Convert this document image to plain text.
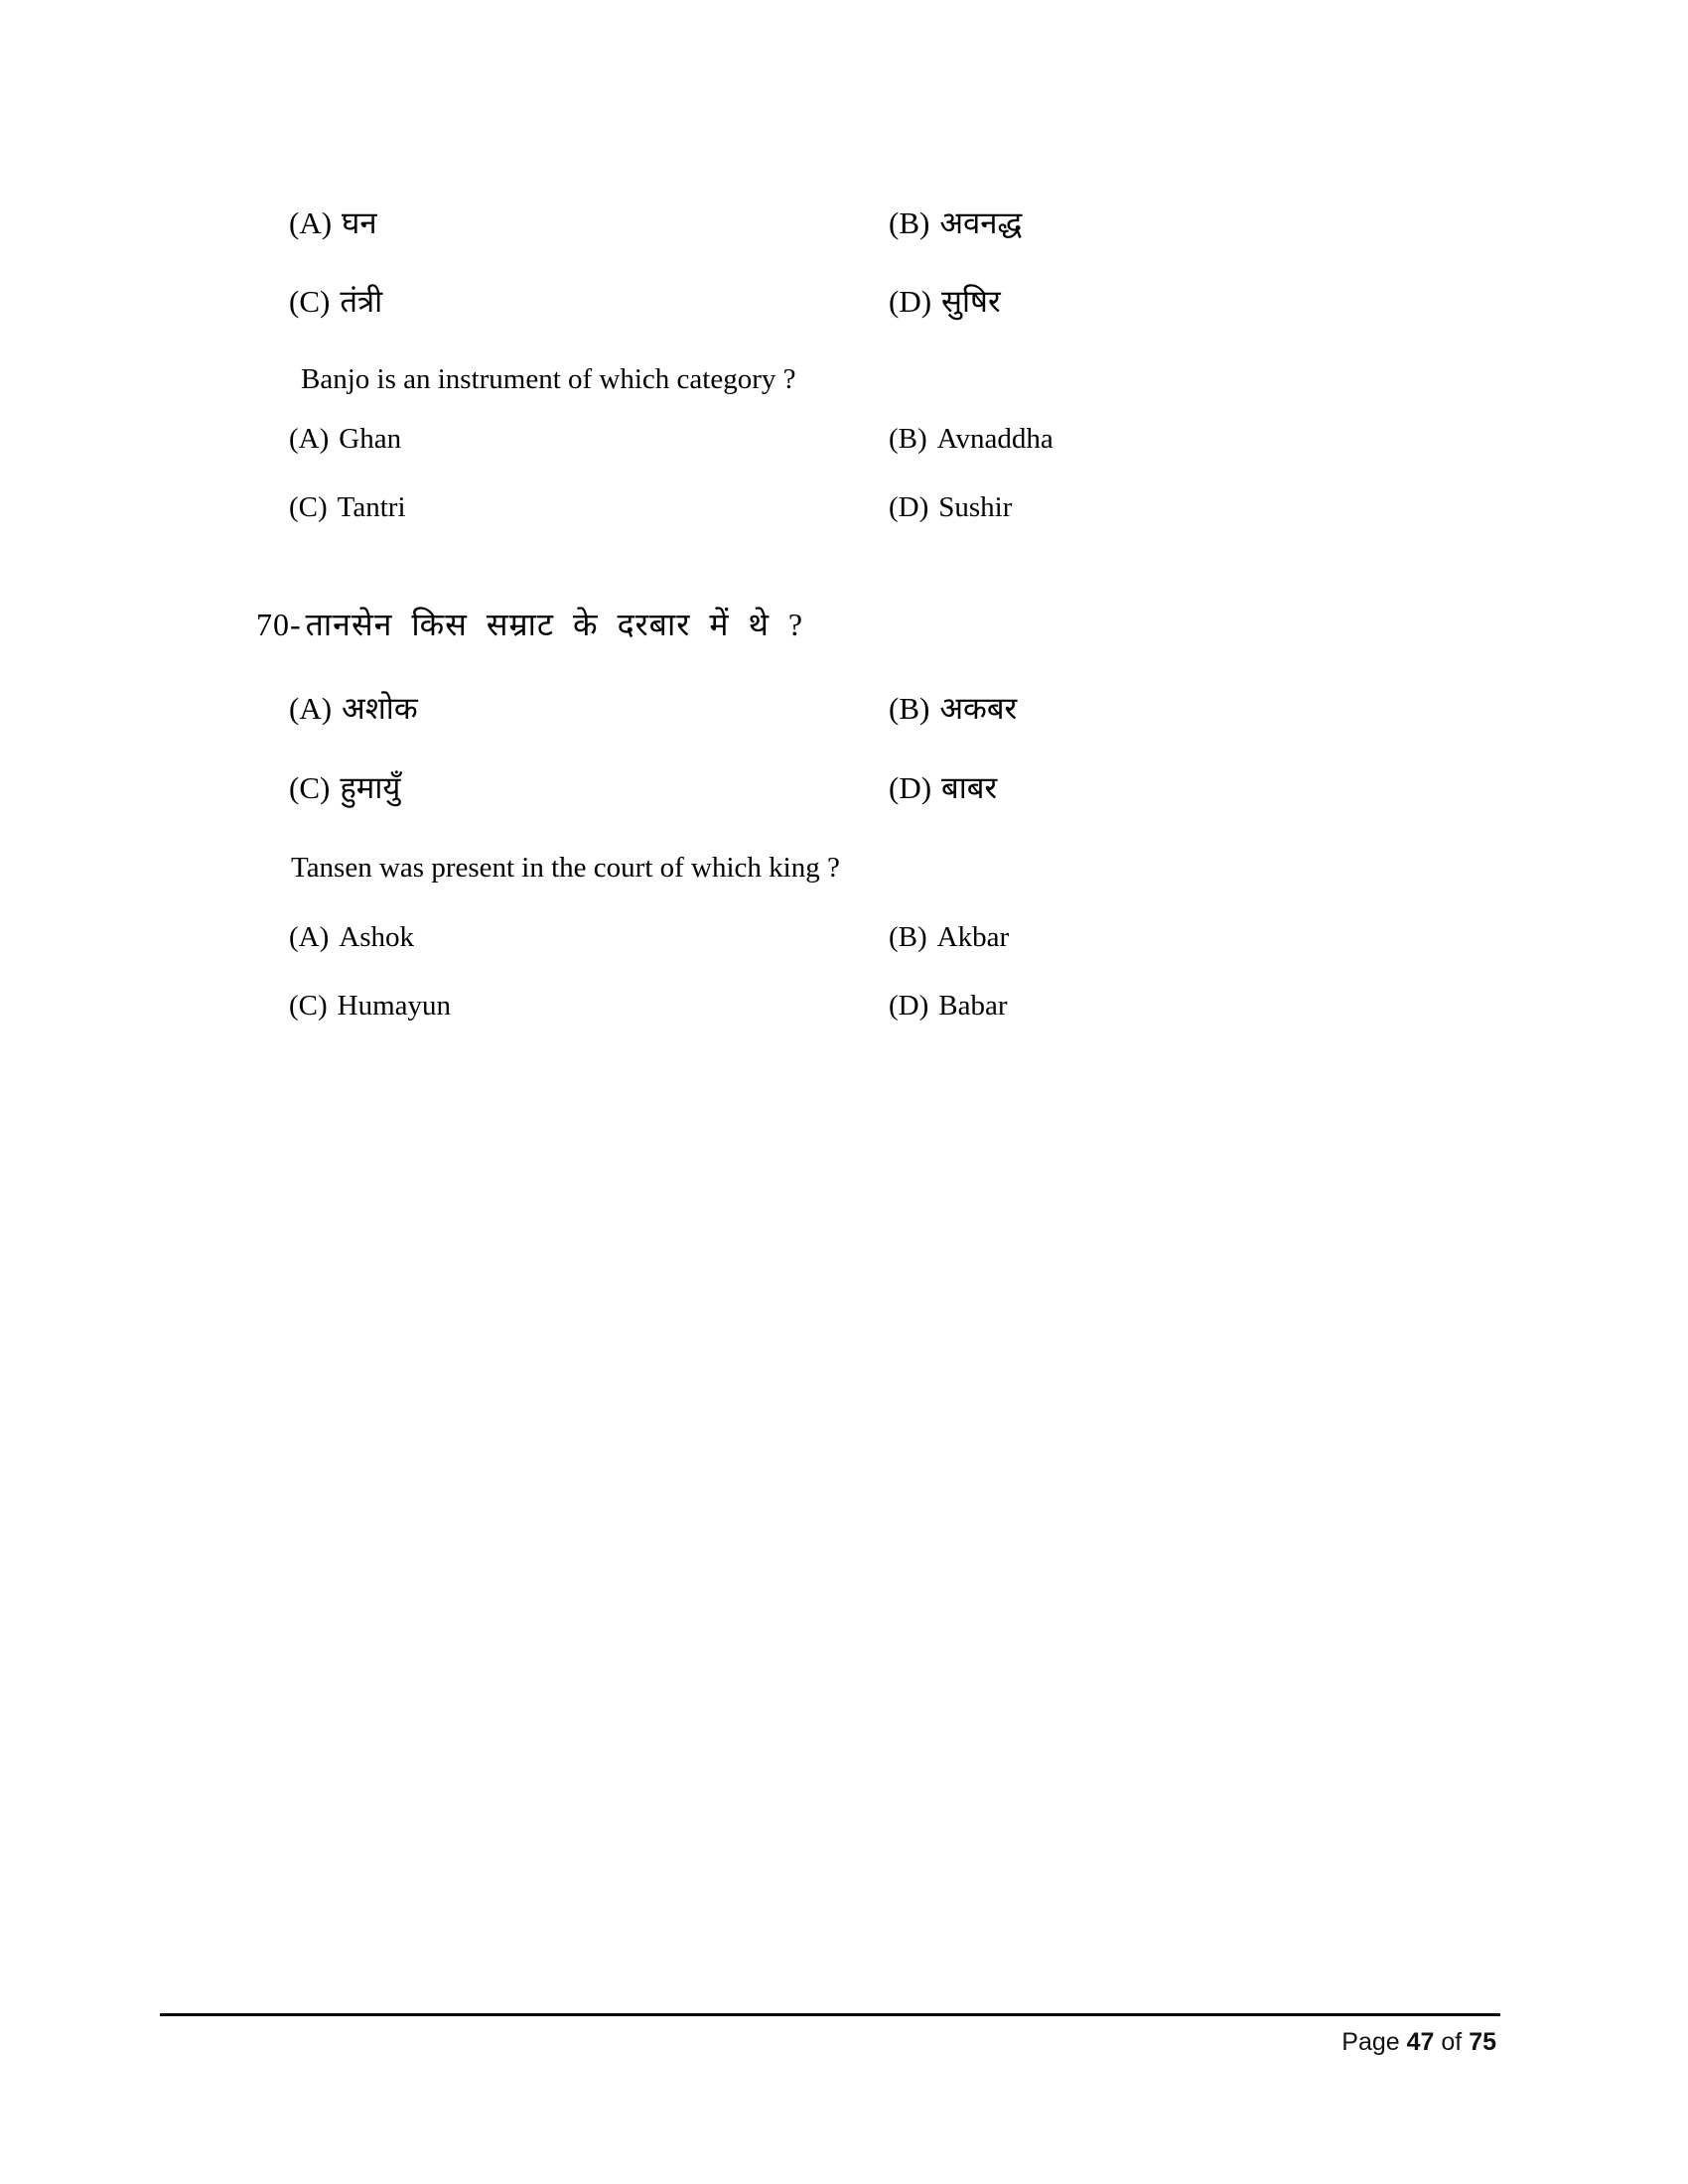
(A) घन	(B) अवनद्ध
(C) तंत्री	(D) सुषिर
Banjo is an instrument of which category ?
(A) Ghan	(B) Avnaddha
(C) Tantri	(D) Sushir
70- तानसेन किस सम्राट के दरबार में थे ?
(A) अशोक	(B) अकबर
(C) हुमायुँ	(D) बाबर
Tansen was present in the court of which king ?
(A) Ashok	(B) Akbar
(C) Humayun	(D) Babar
Page 47 of 75
